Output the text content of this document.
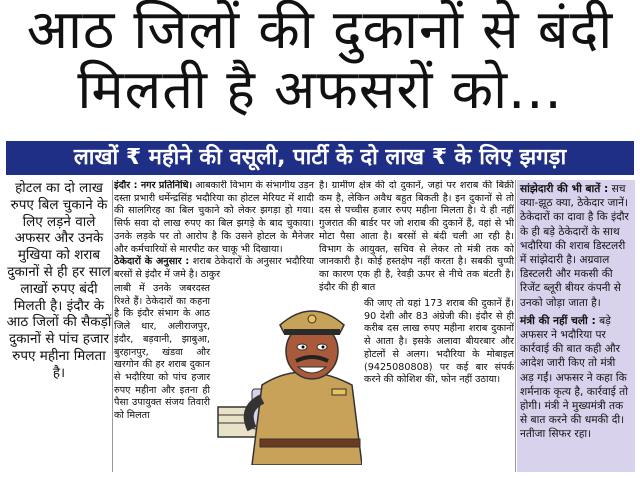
आठ जिलों की दुकानों से बंदी
मिलती है अफसरों को...
लाखों ₹ महीने की वसूली, पार्टी के दो लाख ₹ के लिए झगड़ा
होटल का दो लाख रुपए बिल चुकाने के लिए लड़ने वाले अफसर और उनके मुखिया को शराब दुकानों से ही हर साल लाखों रुपए बंदी मिलती है। इंदौर के आठ जिलों की सैकड़ों दुकानों से पांच हजार रुपए महीना मिलता है।
इंदौर : नगर प्रतिनिधि। आबकारी विभाग के संभागीय उड़न दस्ता प्रभारी धर्मेन्द्रसिंह भदौरिया का होटल मेरियट में शादी की सालगिरह का बिल चुकाने को लेकर झगड़ा हो गया। सिर्फ सवा दो लाख रुपए का बिल झगड़े के बाद चुकाया। उनके लड़के पर तो आरोप है कि उसने होटल के मैनेजर और कर्मचारियों से मारपीट कर चाकू भी दिखाया।
ठेकेदारों के अनुसार : शराब ठेकेदारों के अनुसार भदौरिया बरसों से इंदौर में जमे है। ठाकुर
लाबी में उनके जबरदस्त रिश्ते हैं। ठेकेदारों का कहना है कि इंदौर संभाग के आठ जिले धार, अलीराजपुर, इंदौर, बड़वानी, झाबुआ, बुरहानपुर, खंडवा और खरगोन की हर शराब दुकान से भदौरिया को पांच हजार रुपए महीना और इतना ही पैसा उपायुक्त संजय तिवारी को मिलता
है। ग्रामीण क्षेत्र की दो दुकानें, जहां पर शराब की बिक्री कम है, लेकिन अवैध बहुत बिकती है। इन दुकानों से तो दस से पच्चीस हजार रुपए महीना मिलता है। ये ही नहीं गुजरात की बार्डर पर जो शराब की दुकानें हैं, वहां से भी मोटा पैसा आता है। बरसों से बंदी चली आ रही है। विभाग के आयुक्त, सचिव से लेकर तो मंत्री तक को जानकारी है। कोई हस्तक्षेप नहीं करता है। सबकी चुप्पी का कारण एक ही है, रेवड़ी ऊपर से नीचे तक बंटती है। इंदौर की ही बात
की जाए तो यहां 173 शराब की दुकानें हैं। 90 देशी और 83 अंग्रेजी की। इंदौर से ही करीब दस लाख रुपए महीना शराब दुकानों से आता है। इसके अलावा बीयरबार और होटलों से अलग। भदौरिया के मोबाइल (9425080808) पर कई बार संपर्क करने की कोशिश की, फोन नहीं उठाया।
सांझेदारी की भी बातें : सच क्या-झूठ क्या, ठेकेदार जानें। ठेकेदारों का दावा है कि इंदौर के ही बड़े ठेकेदारों के साथ भदौरिया की शराब डिस्टलरी में सांझेदारी है। अग्रवाल डिस्टलरी और मकसी की रिजेंट ब्लूरी बीयर कंपनी से उनको जोड़ा जाता है।
मंत्री की नहीं चली : बड़े अफसर ने भदौरिया पर कार्रवाई की बात कही और आदेश जारी किए तो मंत्री अड़ गईं। अफसर ने कहा कि शर्मनाक कृत्य है, कार्रवाई तो होगी। मंत्री ने मुख्यमंत्री तक से बात करने की धमकी दी। नतीजा सिफर रहा।
